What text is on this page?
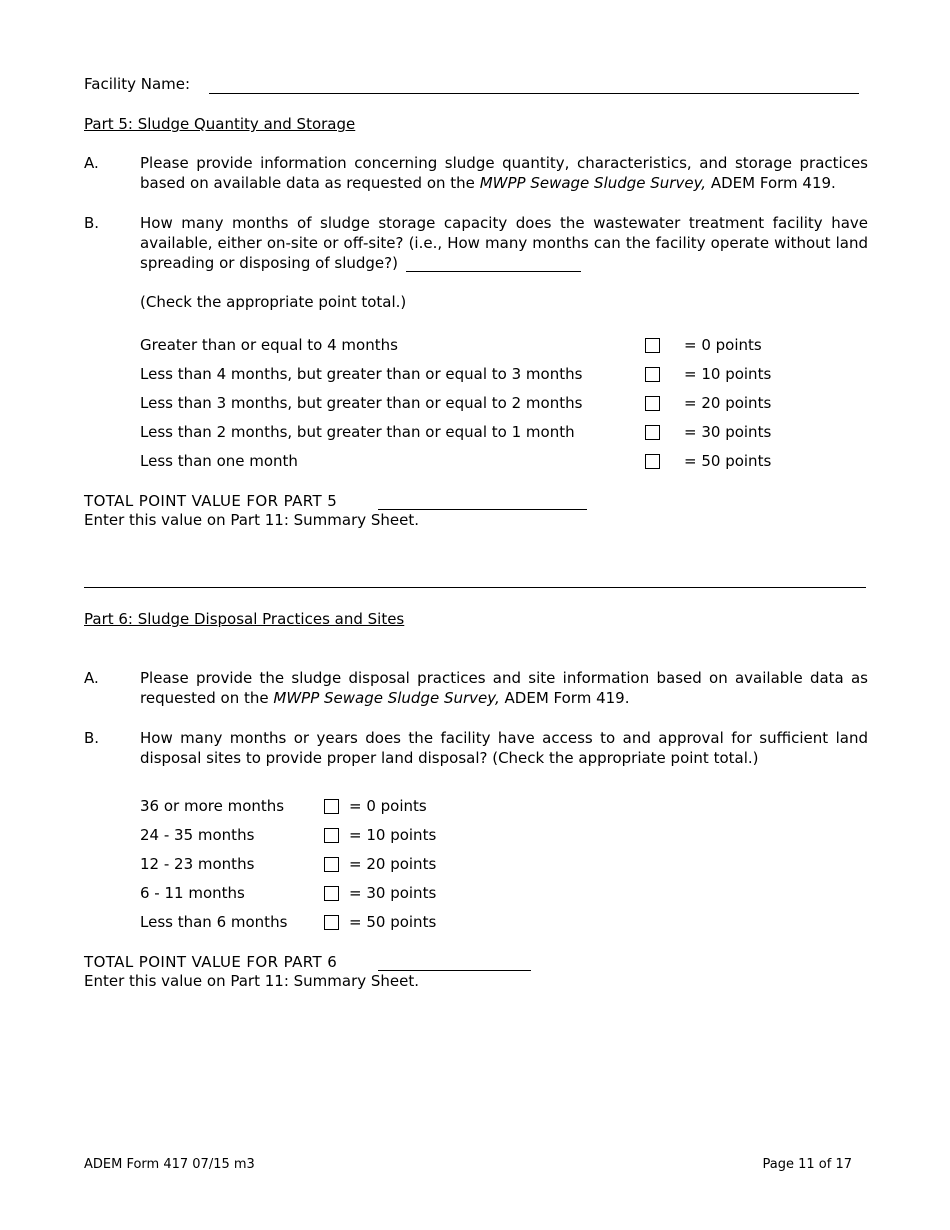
Facility Name:
Part 5: Sludge Quantity and Storage
A.	Please provide information concerning sludge quantity, characteristics, and storage practices based on available data as requested on the MWPP Sewage Sludge Survey, ADEM Form 419.
B.	How many months of sludge storage capacity does the wastewater treatment facility have available, either on-site or off-site? (i.e., How many months can the facility operate without land spreading or disposing of sludge?)
(Check the appropriate point total.)
Greater than or equal to 4 months	= 0 points
Less than 4 months, but greater than or equal to 3 months	= 10 points
Less than 3 months, but greater than or equal to 2 months	= 20 points
Less than 2 months, but greater than or equal to 1 month	= 30 points
Less than one month	= 50 points
TOTAL POINT VALUE FOR PART 5
Enter this value on Part 11: Summary Sheet.
Part 6: Sludge Disposal Practices and Sites
A.	Please provide the sludge disposal practices and site information based on available data as requested on the MWPP Sewage Sludge Survey, ADEM Form 419.
B.	How many months or years does the facility have access to and approval for sufficient land disposal sites to provide proper land disposal? (Check the appropriate point total.)
36 or more months	= 0 points
24 - 35 months	= 10 points
12 - 23 months	= 20 points
6 - 11 months	= 30 points
Less than 6 months	= 50 points
TOTAL POINT VALUE FOR PART 6
Enter this value on Part 11: Summary Sheet.
ADEM Form 417 07/15 m3	Page 11 of 17
